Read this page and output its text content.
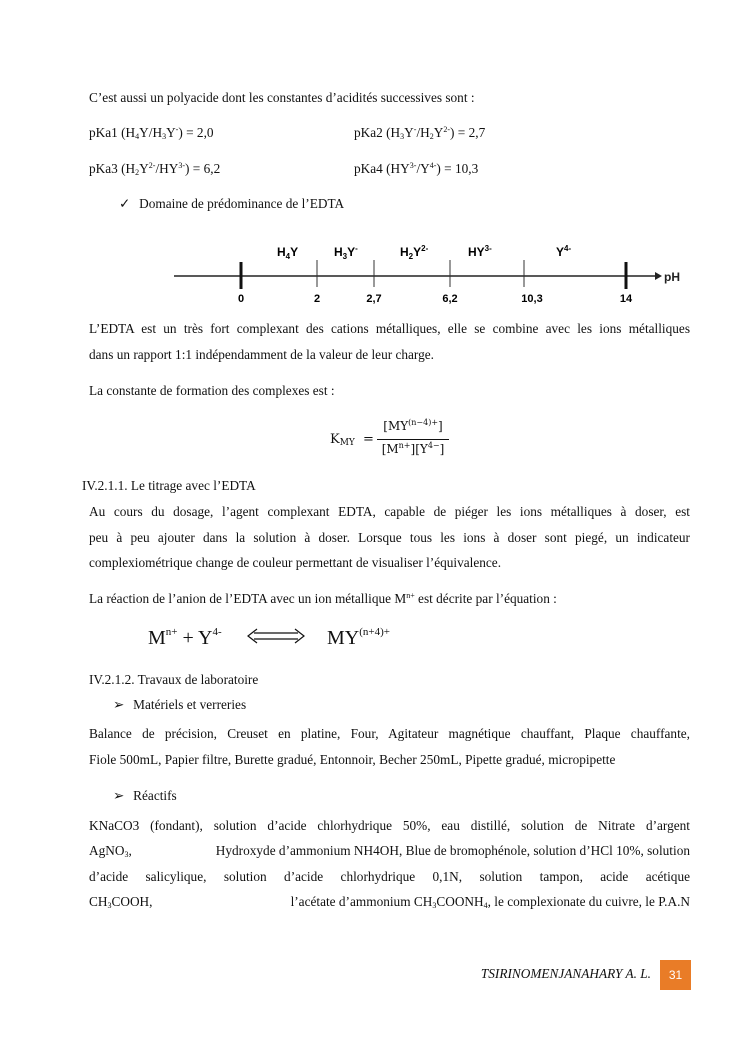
C’est aussi un polyacide dont les constantes d’acidités successives sont :
pKa1 $(H_4Y/H_3Y^-) = 2,0$	pKa2 $(H_3Y^-/H_2Y^{2-}) = 2,7$
pKa3 $(H_2Y^{2-}/HY^{3-}) = 6,2$	pKa4 $(HY^{3-}/Y^{4-}) = 10,3$
✓ Domaine de prédominance de l’EDTA
pH
0	2	2,7	6,2	10,3	14
$H_4Y$	$H_3Y^-$	$H_2Y^{2-}$	$HY^{3-}$	$Y^{4-}$
L’EDTA est un très fort complexant des cations métalliques, elle se combine avec les ions métalliques
dans un rapport 1:1 indépendamment de la valeur de leur charge.
La constante de formation des complexes est :
$K_{MY}$ =
$[MY^{(n-4)+}]$
$[M^{n+}][Y^{4-}]$
IV.2.1.1. Le titrage avec l’EDTA
Au cours du dosage, l’agent complexant EDTA, capable de piéger les ions métalliques à doser, est
peu à peu ajouter dans la solution à doser. Lorsque tous les ions à doser sont piegé, un indicateur
complexiométrique change de couleur permettant de visualiser l’équivalence.
La réaction de l’anion de l’EDTA avec un ion métallique $M^{n+}$ est décrite par l’équation :
$M^{n+} + Y^{4-}$ ⇌ $MY^{(n+4)+}$
IV.2.1.2. Travaux de laboratoire
➢ Matériels et verreries
Balance de précision, Creuset en platine, Four, Agitateur magnétique chauffant, Plaque chauffante,
Fiole 500mL, Papier filtre, Burette gradué, Entonnoir, Becher 250mL, Pipette gradué, micropipette
➢ Réactifs
KNaCO3 (fondant), solution d’acide chlorhydrique 50%, eau distillé, solution de Nitrate d’argent
AgNO$_3$,	Hydroxyde d’ammonium NH4OH, Blue de bromophénole, solution d’HCl 10%, solution
d’acide salicylique, solution d’acide chlorhydrique 0,1N, solution tampon, acide acétique
$CH_3COOH$,	l’acétate d’ammonium $CH_3COONH_4$, le complexionate du cuivre, le P.A.N
TSIRINOMENJANAHARY A. L.	31
